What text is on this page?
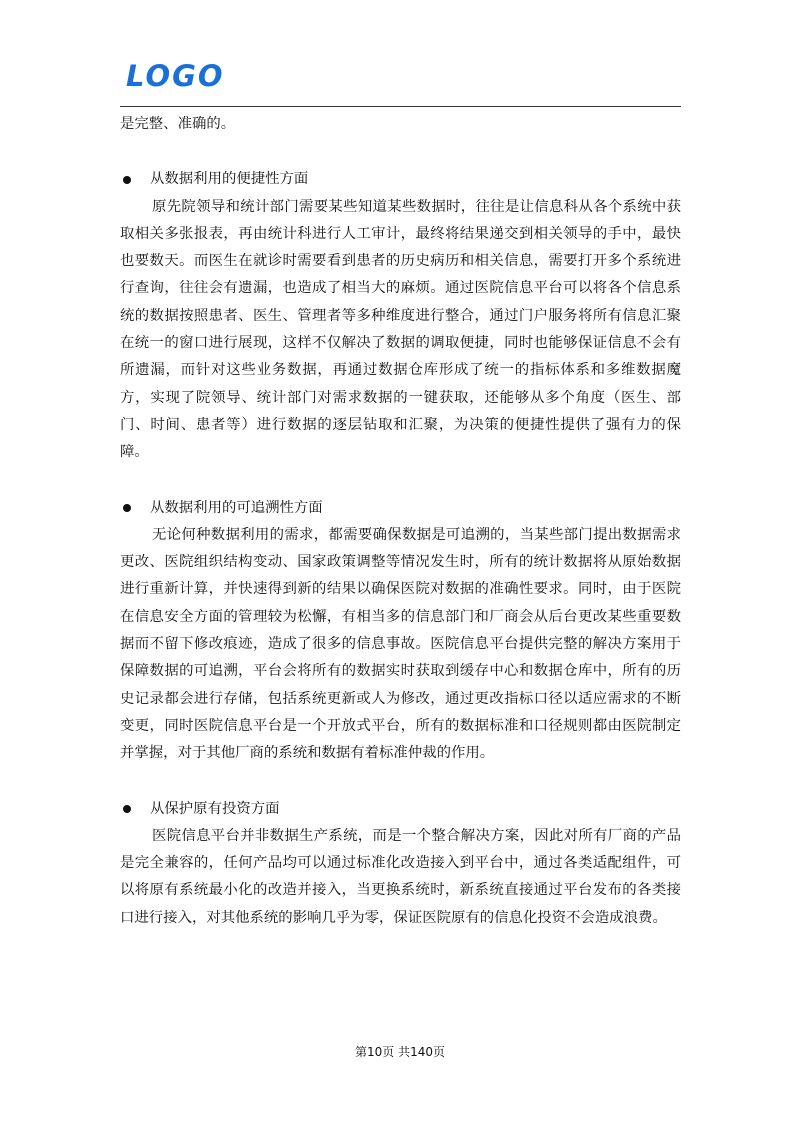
LOGO

是完整、准确的。

从数据利用的便捷性方面

原先院领导和统计部门需要某些知道某些数据时，往往是让信息科从各个系统中获取相关多张报表，再由统计科进行人工审计，最终将结果递交到相关领导的手中，最快也要数天。而医生在就诊时需要看到患者的历史病历和相关信息，需要打开多个系统进行查询，往往会有遗漏，也造成了相当大的麻烦。通过医院信息平台可以将各个信息系统的数据按照患者、医生、管理者等多种维度进行整合，通过门户服务将所有信息汇聚在统一的窗口进行展现，这样不仅解决了数据的调取便捷，同时也能够保证信息不会有所遗漏，而针对这些业务数据，再通过数据仓库形成了统一的指标体系和多维数据魔方，实现了院领导、统计部门对需求数据的一键获取，还能够从多个角度（医生、部门、时间、患者等）进行数据的逐层钻取和汇聚，为决策的便捷性提供了强有力的保障。

从数据利用的可追溯性方面

无论何种数据利用的需求，都需要确保数据是可追溯的，当某些部门提出数据需求更改、医院组织结构变动、国家政策调整等情况发生时，所有的统计数据将从原始数据进行重新计算，并快速得到新的结果以确保医院对数据的准确性要求。同时，由于医院在信息安全方面的管理较为松懈，有相当多的信息部门和厂商会从后台更改某些重要数据而不留下修改痕迹，造成了很多的信息事故。医院信息平台提供完整的解决方案用于保障数据的可追溯，平台会将所有的数据实时获取到缓存中心和数据仓库中，所有的历史记录都会进行存储，包括系统更新或人为修改，通过更改指标口径以适应需求的不断变更，同时医院信息平台是一个开放式平台，所有的数据标准和口径规则都由医院制定并掌握，对于其他厂商的系统和数据有着标准仲裁的作用。

从保护原有投资方面

医院信息平台并非数据生产系统，而是一个整合解决方案，因此对所有厂商的产品是完全兼容的，任何产品均可以通过标准化改造接入到平台中，通过各类适配组件，可以将原有系统最小化的改造并接入，当更换系统时，新系统直接通过平台发布的各类接口进行接入，对其他系统的影响几乎为零，保证医院原有的信息化投资不会造成浪费。

第10页 共140页
